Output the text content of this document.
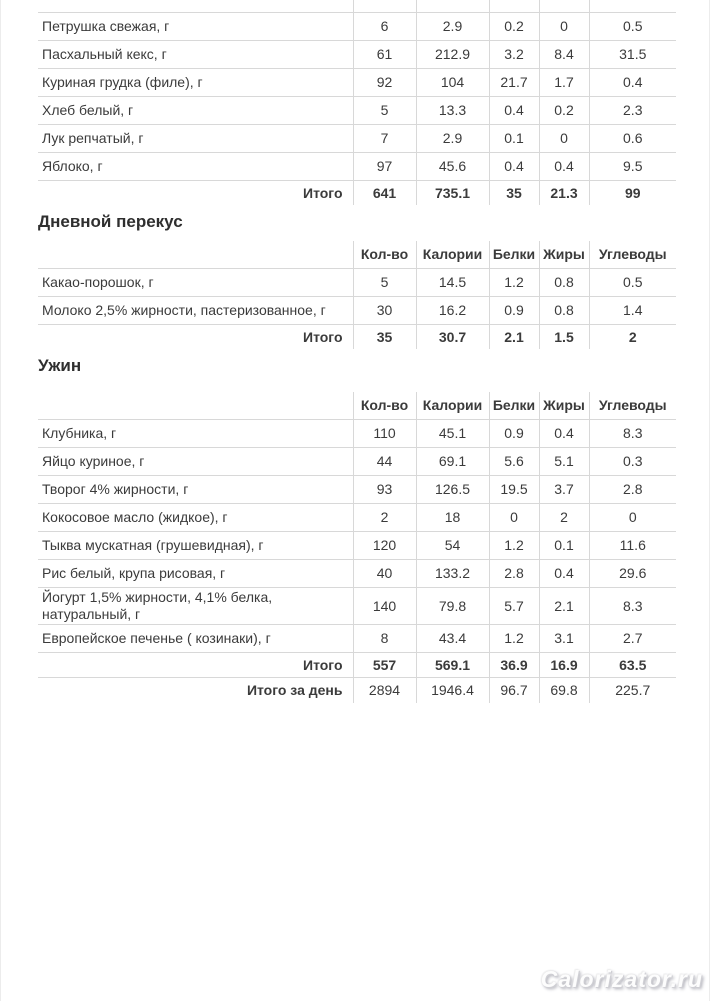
Петрушка свежая, г	6	2.9	0.2	0	0.5
Пасхальный кекс, г	61	212.9	3.2	8.4	31.5
Куриная грудка (филе), г	92	104	21.7	1.7	0.4
Хлеб белый, г	5	13.3	0.4	0.2	2.3
Лук репчатый, г	7	2.9	0.1	0	0.6
Яблоко, г	97	45.6	0.4	0.4	9.5
Итого	641	735.1	35	21.3	99
Дневной перекус
	Кол-во	Калории	Белки	Жиры	Углеводы
Какао-порошок, г	5	14.5	1.2	0.8	0.5
Молоко 2,5% жирности, пастеризованное, г	30	16.2	0.9	0.8	1.4
Итого	35	30.7	2.1	1.5	2
Ужин
	Кол-во	Калории	Белки	Жиры	Углеводы
Клубника, г	110	45.1	0.9	0.4	8.3
Яйцо куриное, г	44	69.1	5.6	5.1	0.3
Творог 4% жирности, г	93	126.5	19.5	3.7	2.8
Кокосовое масло (жидкое), г	2	18	0	2	0
Тыква мускатная (грушевидная), г	120	54	1.2	0.1	11.6
Рис белый, крупа рисовая, г	40	133.2	2.8	0.4	29.6
Йогурт 1,5% жирности, 4,1% белка, натуральный, г	140	79.8	5.7	2.1	8.3
Европейское печенье ( козинаки), г	8	43.4	1.2	3.1	2.7
Итого	557	569.1	36.9	16.9	63.5
Итого за день	2894	1946.4	96.7	69.8	225.7
Calorizator.ru
